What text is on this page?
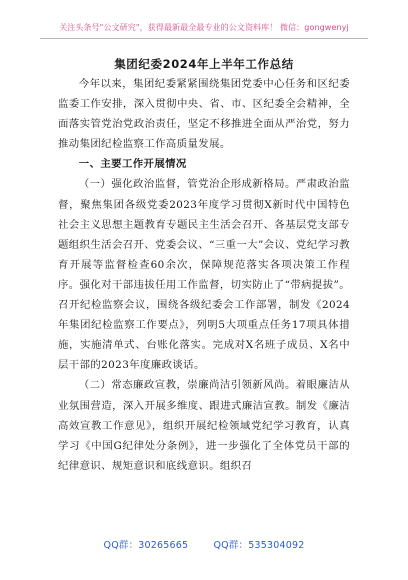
关注头条号"公文研究"，获得最新最全最专业的公文资料库！ 微信：gongwenyj
集团纪委2024年上半年工作总结

今年以来，集团纪委紧紧围绕集团党委中心任务和区纪委监委工作安排，深入贯彻中央、省、市、区纪委全会精神，全面落实管党治党政治责任，坚定不移推进全面从严治党，努力推动集团纪检监察工作高质量发展。

一、主要工作开展情况

（一）强化政治监督，管党治企形成新格局。严肃政治监督，聚焦集团各级党委2023年度学习贯彻X新时代中国特色社会主义思想主题教育专题民主生活会召开、各基层党支部专题组织生活会召开、党委会议、“三重一大”会议、党纪学习教育开展等监督检查60余次，保障规范落实各项决策工作程序。强化对干部违拔任用工作监督，切实防止了“带病提拔”。召开纪检监察会议，围绕各级纪委会工作部署，制发《2024年集团纪检监察工作要点》，列明5大项重点任务17项具体措施，实施清单式、台账化落实。完成对X名班子成员、X名中层干部的2023年度廉政谈话。

（二）常态廉政宣教，崇廉尚洁引领新风尚。着眼廉洁从业氛围营造，深入开展多维度、跟进式廉洁宣教。制发《廉洁高效宣教工作意见》，组织开展纪检领域党纪学习教育，认真学习《中国G纪律处分条例》，进一步强化了全体党员干部的纪律意识、规矩意识和底线意识。组织召

QQ群：30265665	QQ群：535304092
